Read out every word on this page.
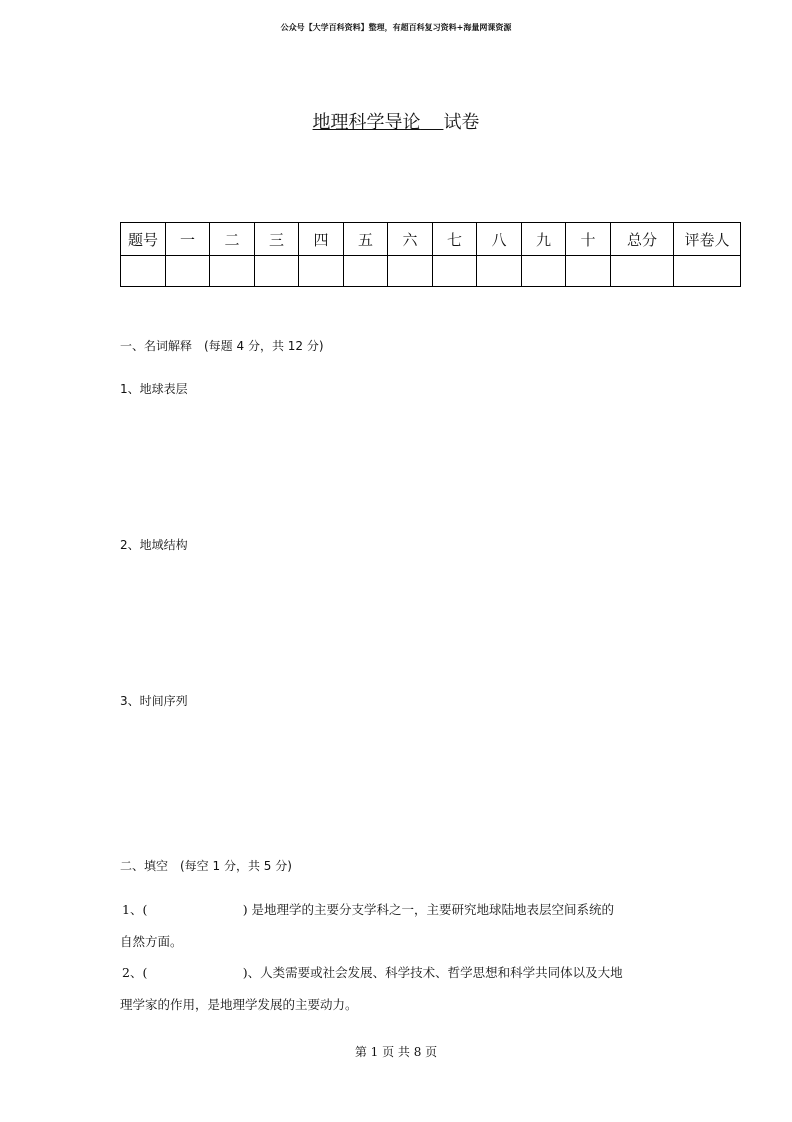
公众号【大学百科资料】整理，有超百科复习资料+海量网课资源
地理科学导论 试卷
题号	一	二	三	四	五	六	七	八	九	十	总分	评卷人

一、名词解释　(每题 4 分，共 12 分)
1、地球表层
2、地域结构
3、时间序列
二、填空　(每空 1 分，共 5 分)
1、(                        ) 是地理学的主要分支学科之一，主要研究地球陆地表层空间系统的
自然方面。
2、(                        )、人类需要或社会发展、科学技术、哲学思想和科学共同体以及大地
理学家的作用，是地理学发展的主要动力。
第 1 页 共 8 页
